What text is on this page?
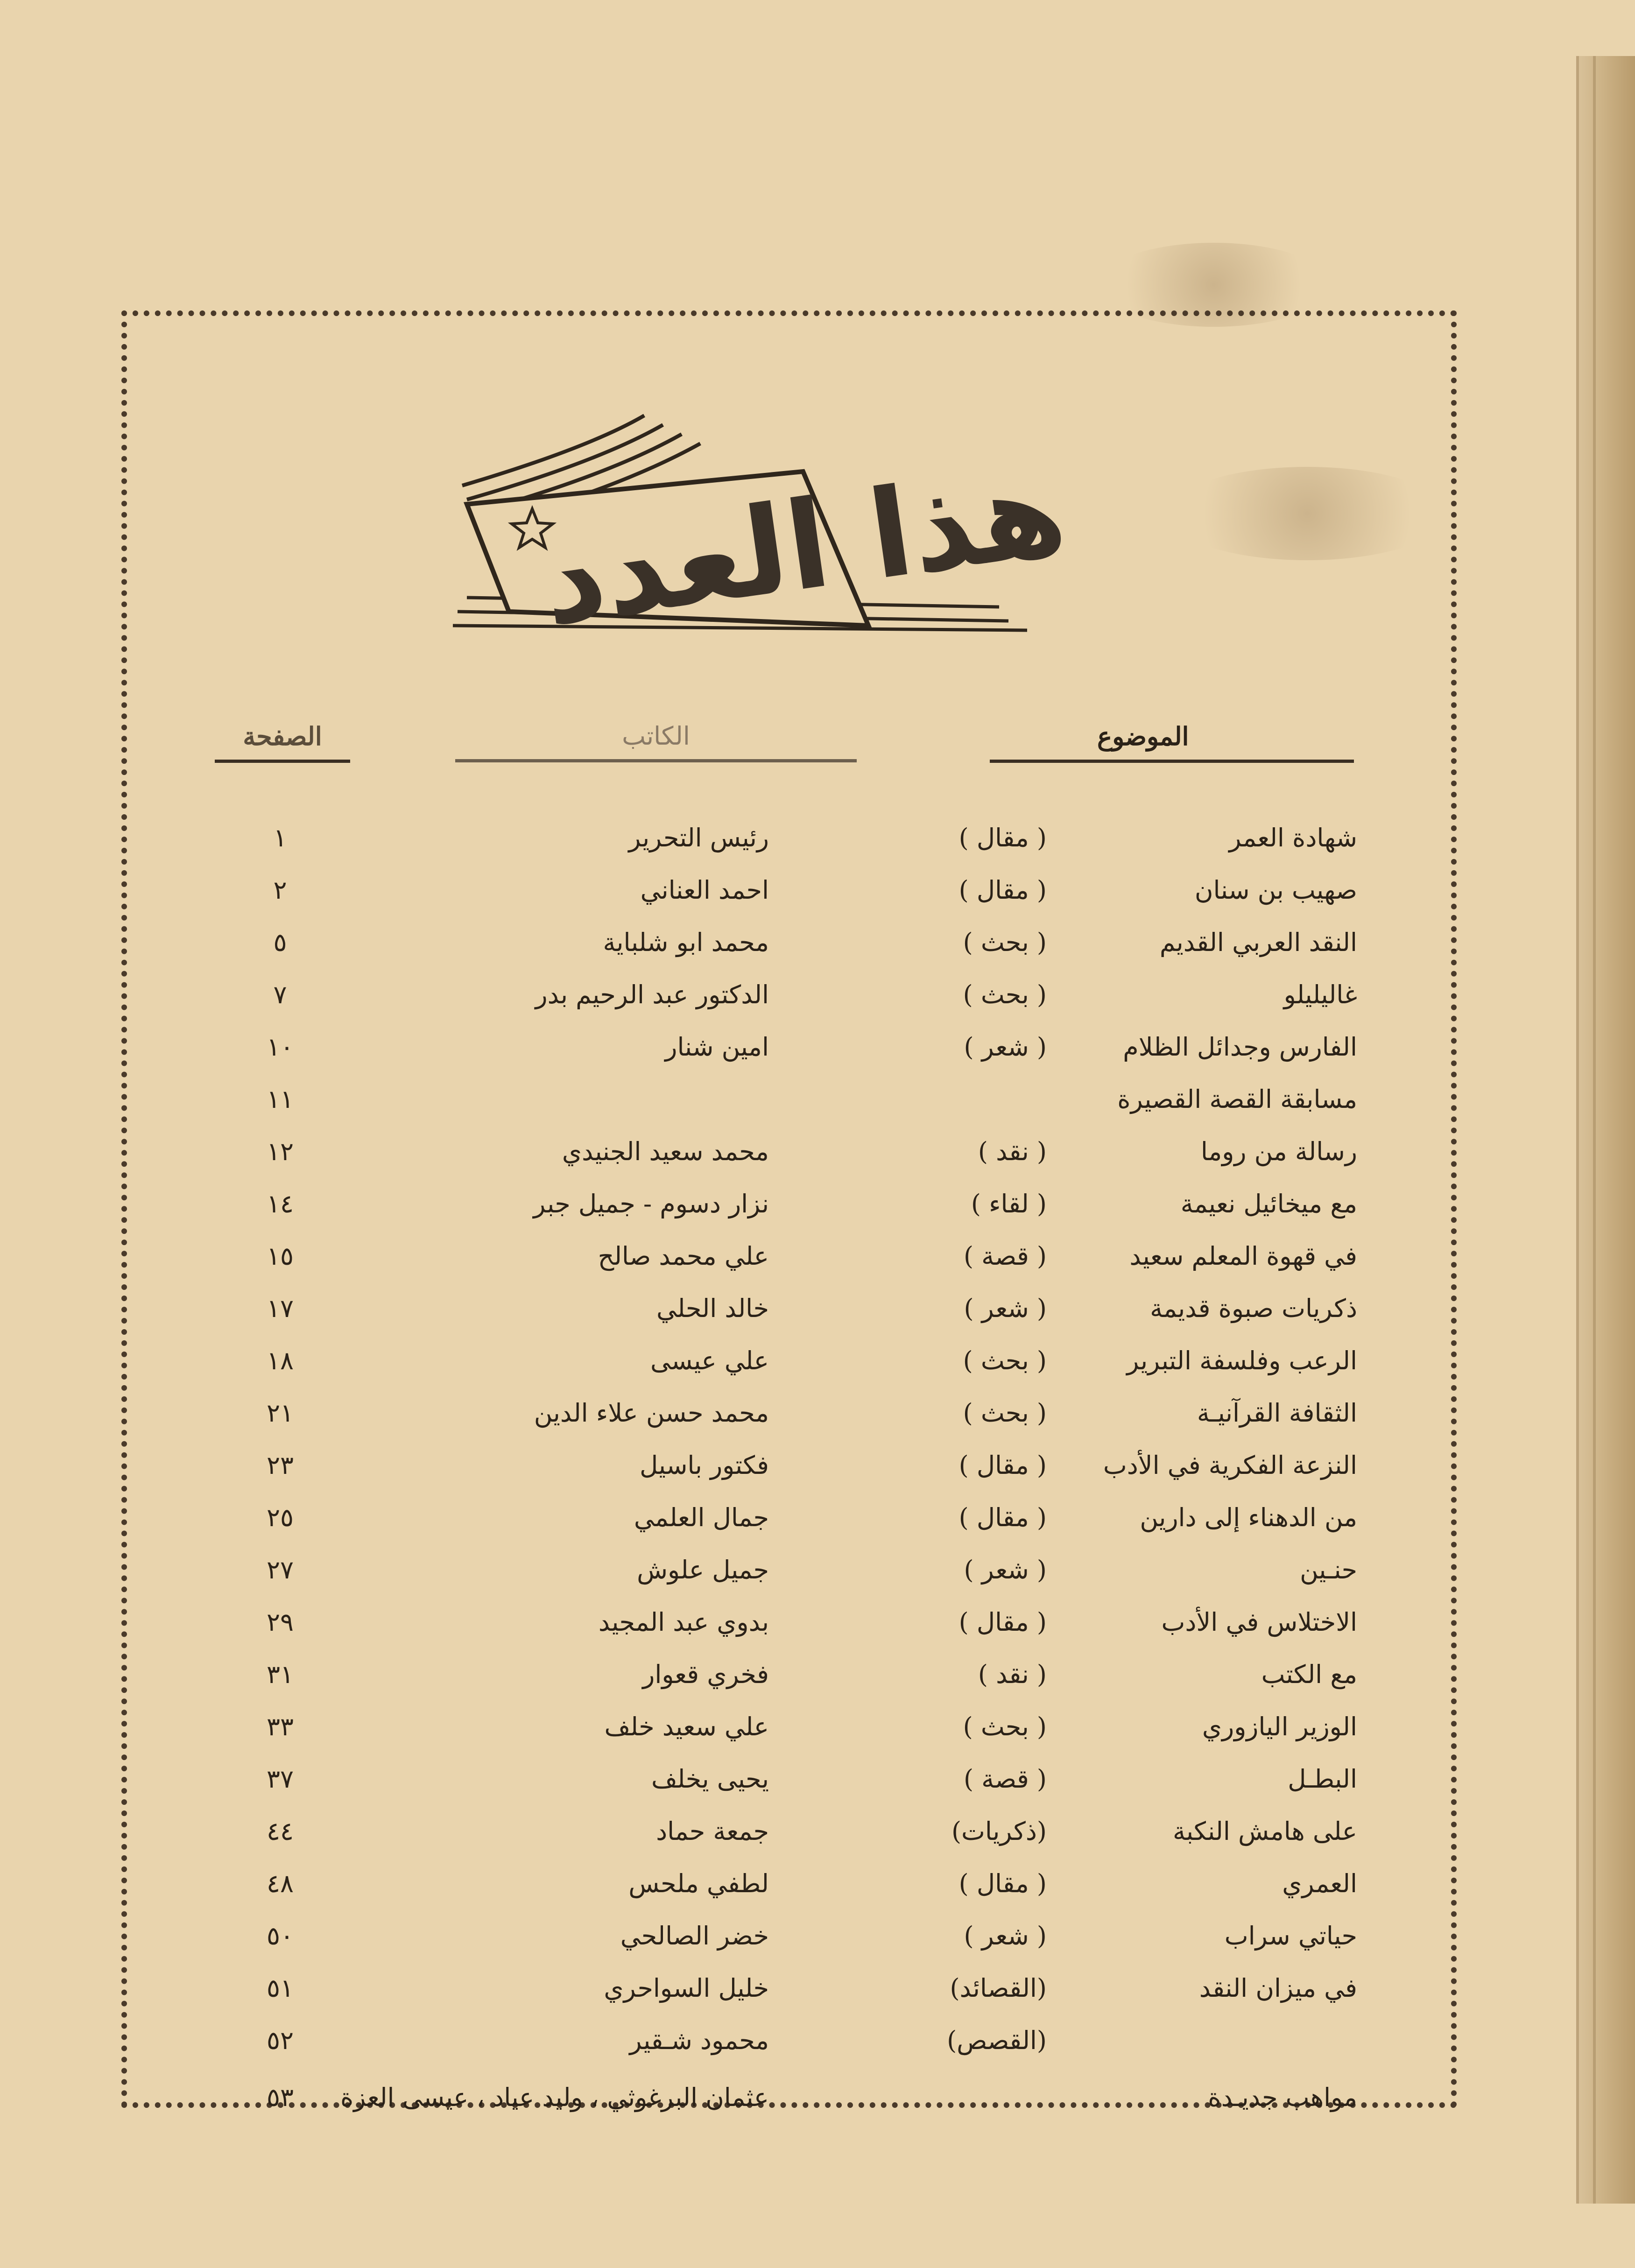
هذا العدد
الصفحة	الكاتب	الموضوع
شهادة العمر
( مقال )
رئيس التحرير
١
صهيب بن سنان
( مقال )
احمد العناني
٢
النقد العربي القديم
( بحث )
محمد ابو شلباية
٥
غاليليلو
( بحث )
الدكتور عبد الرحيم بدر
٧
الفارس وجدائل الظلام
( شعر )
امين شنار
١٠
مسابقة القصة القصيرة
١١
رسالة من روما
( نقد )
محمد سعيد الجنيدي
١٢
مع ميخائيل نعيمة
( لقاء )
نزار دسوم - جميل جبر
١٤
في قهوة المعلم سعيد
( قصة )
علي محمد صالح
١٥
ذكريات صبوة قديمة
( شعر )
خالد الحلي
١٧
الرعب وفلسفة التبرير
( بحث )
علي عيسى
١٨
الثقافة القرآنيـة
( بحث )
محمد حسن علاء الدين
٢١
النزعة الفكرية في الأدب
( مقال )
فكتور باسيل
٢٣
من الدهناء إلى دارين
( مقال )
جمال العلمي
٢٥
حنـين
( شعر )
جميل علوش
٢٧
الاختلاس في الأدب
( مقال )
بدوي عبد المجيد
٢٩
مع الكتب
( نقد )
فخري قعوار
٣١
الوزير اليازوري
( بحث )
علي سعيد خلف
٣٣
البطـل
( قصة )
يحيى يخلف
٣٧
على هامش النكبة
(ذكريات)
جمعة حماد
٤٤
العمري
( مقال )
لطفي ملحس
٤٨
حياتي سراب
( شعر )
خضر الصالحي
٥٠
في ميزان النقد
(القصائد)
خليل السواحري
٥١
(القصص)
محمود شـقير
٥٢
مواهب جديـدة
عثمان البرغوثي ، وليد عياد ، عيسى العزة
٥٣
